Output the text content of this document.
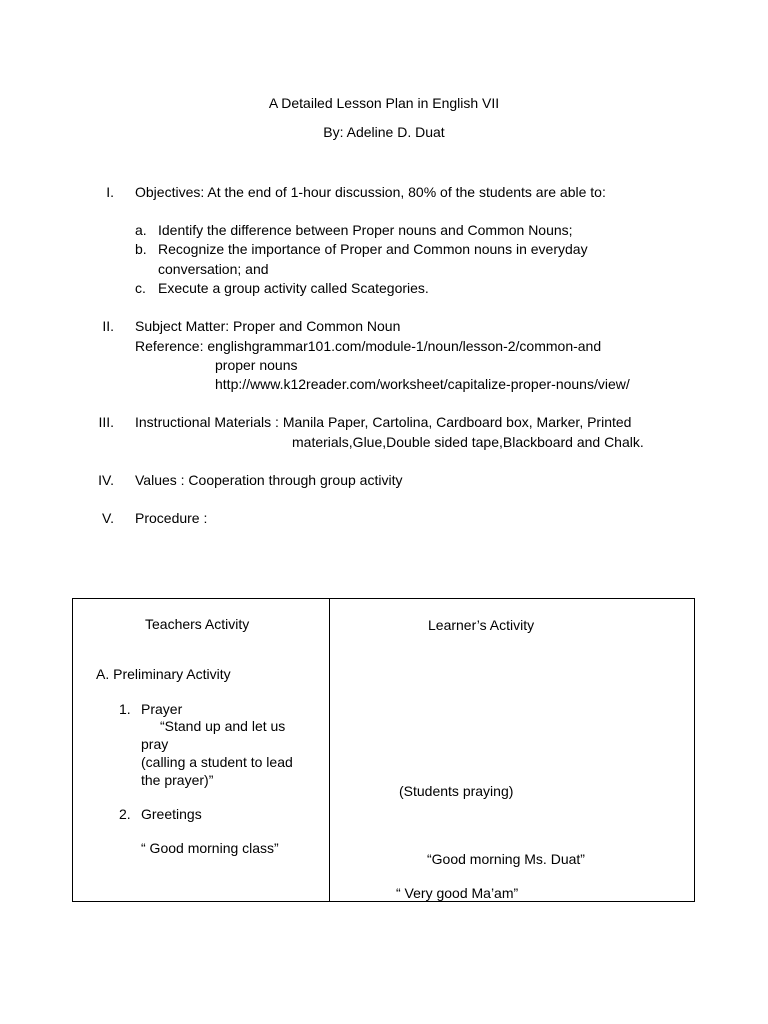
A Detailed Lesson Plan in English VII
By: Adeline D. Duat
I. Objectives: At the end of 1-hour discussion, 80% of the students are able to:
a. Identify the difference between Proper nouns and Common Nouns;
b. Recognize the importance of Proper and Common nouns in everyday
conversation; and
c. Execute a group activity called Scategories.
II. Subject Matter: Proper and Common Noun
Reference: englishgrammar101.com/module-1/noun/lesson-2/common-and
proper nouns
http://www.k12reader.com/worksheet/capitalize-proper-nouns/view/
III. Instructional Materials : Manila Paper, Cartolina, Cardboard box, Marker, Printed
materials,Glue,Double sided tape,Blackboard and Chalk.
IV. Values : Cooperation through group activity
V. Procedure :
Teachers Activity	Learner’s Activity
A. Preliminary Activity
1. Prayer
“Stand up and let us
pray
(calling a student to lead
the prayer)”
2. Greetings
“ Good morning class”
(Students praying)
“Good morning Ms. Duat”
“ Very good Ma’am”
